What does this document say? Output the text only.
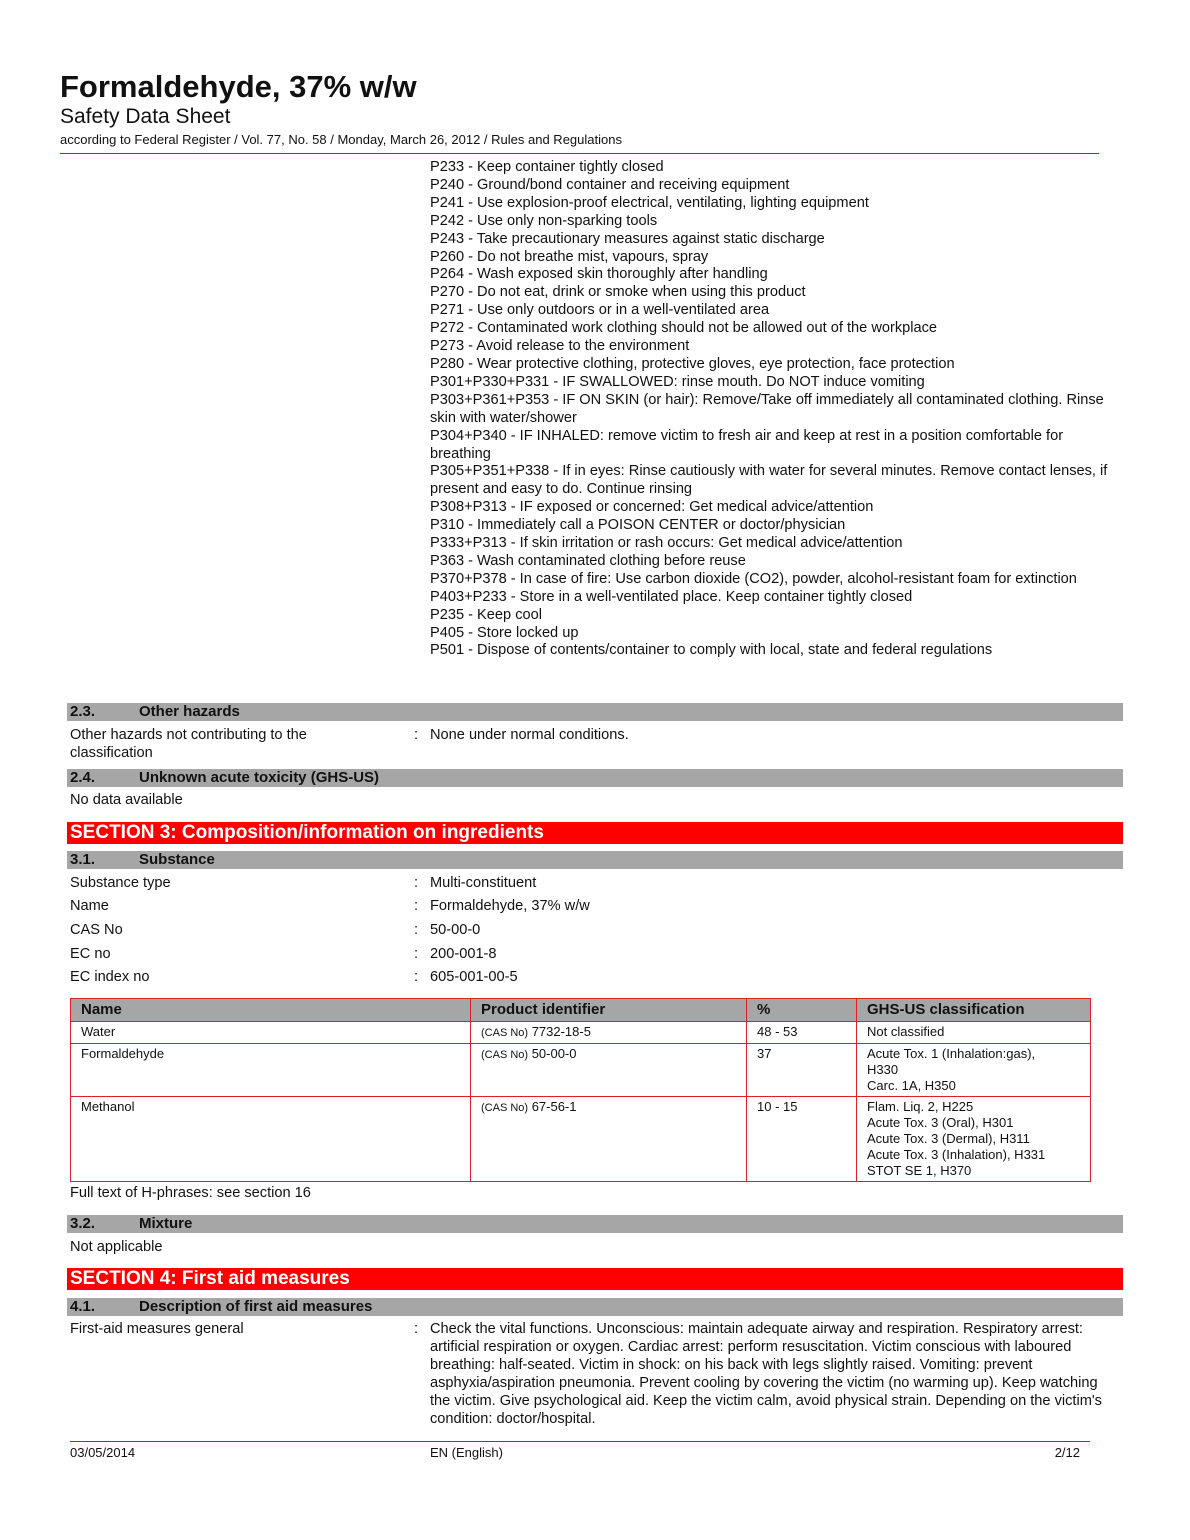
Formaldehyde, 37% w/w
Safety Data Sheet
according to Federal Register / Vol. 77, No. 58 / Monday, March 26, 2012 / Rules and Regulations
P233 - Keep container tightly closed
P240 - Ground/bond container and receiving equipment
P241 - Use explosion-proof electrical, ventilating, lighting equipment
P242 - Use only non-sparking tools
P243 - Take precautionary measures against static discharge
P260 - Do not breathe mist, vapours, spray
P264 - Wash exposed skin thoroughly after handling
P270 - Do not eat, drink or smoke when using this product
P271 - Use only outdoors or in a well-ventilated area
P272 - Contaminated work clothing should not be allowed out of the workplace
P273 - Avoid release to the environment
P280 - Wear protective clothing, protective gloves, eye protection, face protection
P301+P330+P331 - IF SWALLOWED: rinse mouth. Do NOT induce vomiting
P303+P361+P353 - IF ON SKIN (or hair): Remove/Take off immediately all contaminated clothing. Rinse skin with water/shower
P304+P340 - IF INHALED: remove victim to fresh air and keep at rest in a position comfortable for breathing
P305+P351+P338 - If in eyes: Rinse cautiously with water for several minutes. Remove contact lenses, if present and easy to do. Continue rinsing
P308+P313 - IF exposed or concerned: Get medical advice/attention
P310 - Immediately call a POISON CENTER or doctor/physician
P333+P313 - If skin irritation or rash occurs: Get medical advice/attention
P363 - Wash contaminated clothing before reuse
P370+P378 - In case of fire: Use carbon dioxide (CO2), powder, alcohol-resistant foam for extinction
P403+P233 - Store in a well-ventilated place. Keep container tightly closed
P235 - Keep cool
P405 - Store locked up
P501 - Dispose of contents/container to comply with local, state and federal regulations
2.3.	Other hazards
Other hazards not contributing to the classification
: None under normal conditions.
2.4.	Unknown acute toxicity (GHS-US)
No data available
SECTION 3: Composition/information on ingredients
3.1.	Substance
Substance type	: Multi-constituent
Name	: Formaldehyde, 37% w/w
CAS No	: 50-00-0
EC no	: 200-001-8
EC index no	: 605-001-00-5
Name	Product identifier	%	GHS-US classification
Water	(CAS No) 7732-18-5	48 - 53	Not classified

Formaldehyde	(CAS No) 50-00-0	37	Acute Tox. 1 (Inhalation:gas),
H330
Carc. 1A, H350

Methanol	(CAS No) 67-56-1	10 - 15	Flam. Liq. 2, H225
Acute Tox. 3 (Oral), H301
Acute Tox. 3 (Dermal), H311
Acute Tox. 3 (Inhalation), H331
STOT SE 1, H370
Full text of H-phrases: see section 16
3.2.	Mixture
Not applicable
SECTION 4: First aid measures
4.1.	Description of first aid measures
First-aid measures general	: Check the vital functions. Unconscious: maintain adequate airway and respiration. Respiratory arrest: artificial respiration or oxygen. Cardiac arrest: perform resuscitation. Victim conscious with laboured breathing: half-seated. Victim in shock: on his back with legs slightly raised. Vomiting: prevent asphyxia/aspiration pneumonia. Prevent cooling by covering the victim (no warming up). Keep watching the victim. Give psychological aid. Keep the victim calm, avoid physical strain. Depending on the victim's condition: doctor/hospital.
03/05/2014	EN (English)	2/12
